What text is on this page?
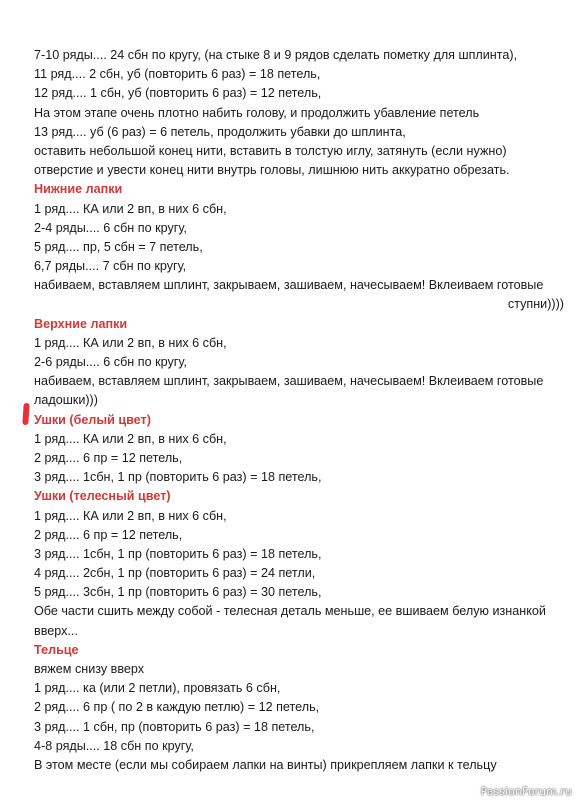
7-10 ряды.... 24 сбн по кругу, (на стыке 8 и 9 рядов сделать пометку для шплинта),
11 ряд.... 2 сбн, уб (повторить 6 раз) = 18 петель,
12 ряд.... 1 сбн, уб (повторить 6 раз) = 12 петель,
На этом этапе очень плотно набить голову, и продолжить убавление петель
13 ряд.... уб (6 раз) = 6 петель, продолжить убавки до шплинта,
оставить небольшой конец нити, вставить в толстую иглу, затянуть (если нужно)
отверстие и увести конец нити внутрь головы, лишнюю нить аккуратно обрезать.
Нижние лапки
1 ряд.... КА или 2 вп, в них 6 сбн,
2-4 ряды.... 6 сбн по кругу,
5 ряд.... пр, 5 сбн = 7 петель,
6,7 ряды.... 7 сбн по кругу,
набиваем, вставляем шплинт, закрываем, зашиваем, начесываем! Вклеиваем готовые
ступни))))
Верхние лапки
1 ряд.... КА или 2 вп, в них 6 сбн,
2-6 ряды.... 6 сбн по кругу,
набиваем, вставляем шплинт, закрываем, зашиваем, начесываем! Вклеиваем готовые
ладошки)))
Ушки (белый цвет)
1 ряд.... КА или 2 вп, в них 6 сбн,
2 ряд.... 6 пр = 12 петель,
3 ряд.... 1сбн, 1 пр (повторить 6 раз) = 18 петель,
Ушки (телесный цвет)
1 ряд.... КА или 2 вп, в них 6 сбн,
2 ряд.... 6 пр = 12 петель,
3 ряд.... 1сбн, 1 пр (повторить 6 раз) = 18 петель,
4 ряд.... 2сбн, 1 пр (повторить 6 раз) = 24 петли,
5 ряд.... 3сбн, 1 пр (повторить 6 раз) = 30 петель,
Обе части сшить между собой - телесная деталь меньше, ее вшиваем белую изнанкой
вверх...
Тельце
вяжем снизу вверх
1 ряд.... ка (или 2 петли), провязать 6 сбн,
2 ряд.... 6 пр ( по 2 в каждую петлю) = 12 петель,
3 ряд.... 1 сбн, пр (повторить 6 раз) = 18 петель,
4-8 ряды.... 18 сбн по кругу,
В этом месте (если мы собираем лапки на винты) прикрепляем лапки к тельцу
PassionForum.ru
